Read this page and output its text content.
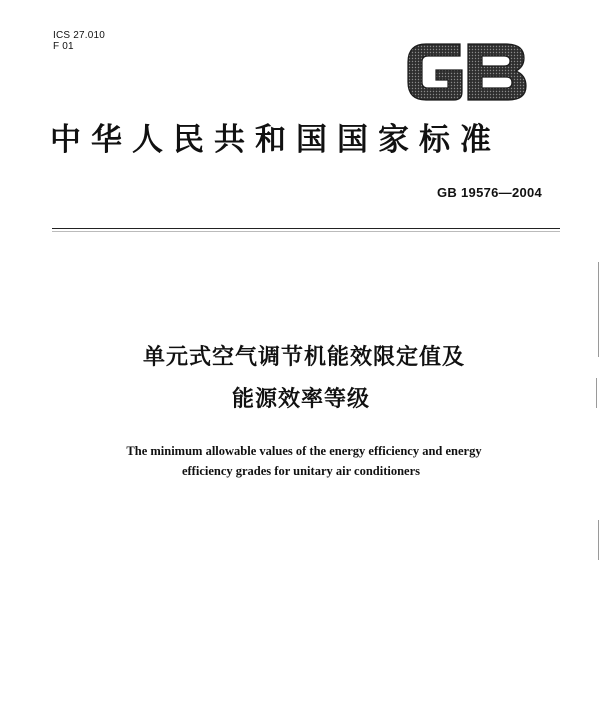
ICS 27.010
F 01
中华人民共和国国家标准
GB 19576—2004
单元式空气调节机能效限定值及
能源效率等级
The minimum allowable values of the energy efficiency and energy
efficiency grades for unitary air conditioners
